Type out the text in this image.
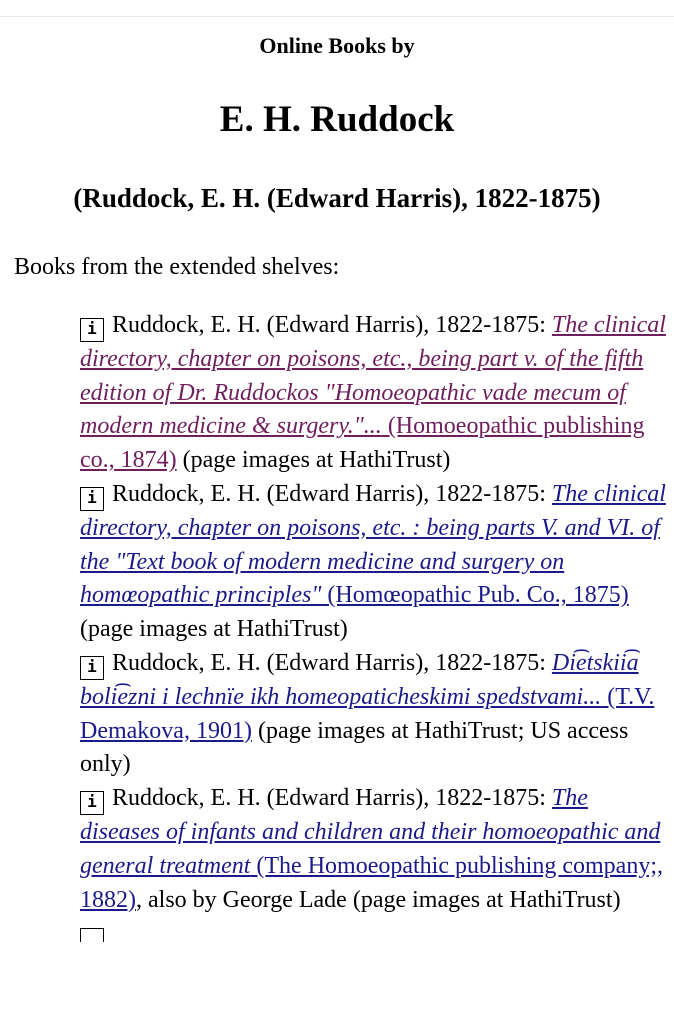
Online Books by
E. H. Ruddock
(Ruddock, E. H. (Edward Harris), 1822-1875)
Books from the extended shelves:

i Ruddock, E. H. (Edward Harris), 1822-1875: The clinical directory, chapter on poisons, etc., being part v. of the fifth edition of Dr. Ruddockos "Homoeopathic vade mecum of modern medicine & surgery."... (Homoeopathic publishing co., 1874) (page images at HathiTrust)

i Ruddock, E. H. (Edward Harris), 1822-1875: The clinical directory, chapter on poisons, etc. : being parts V. and VI. of the "Text book of modern medicine and surgery on homœopathic principles" (Homœopathic Pub. Co., 1875) (page images at HathiTrust)

i Ruddock, E. H. (Edward Harris), 1822-1875: Di͡etskii͡a boli͡ezni i lechnïe ikh homeopaticheskimi spedstvami... (T.V. Demakova, 1901) (page images at HathiTrust; US access only)

i Ruddock, E. H. (Edward Harris), 1822-1875: The diseases of infants and children and their homoeopathic and general treatment (The Homoeopathic publishing company;, 1882), also by George Lade (page images at HathiTrust)
